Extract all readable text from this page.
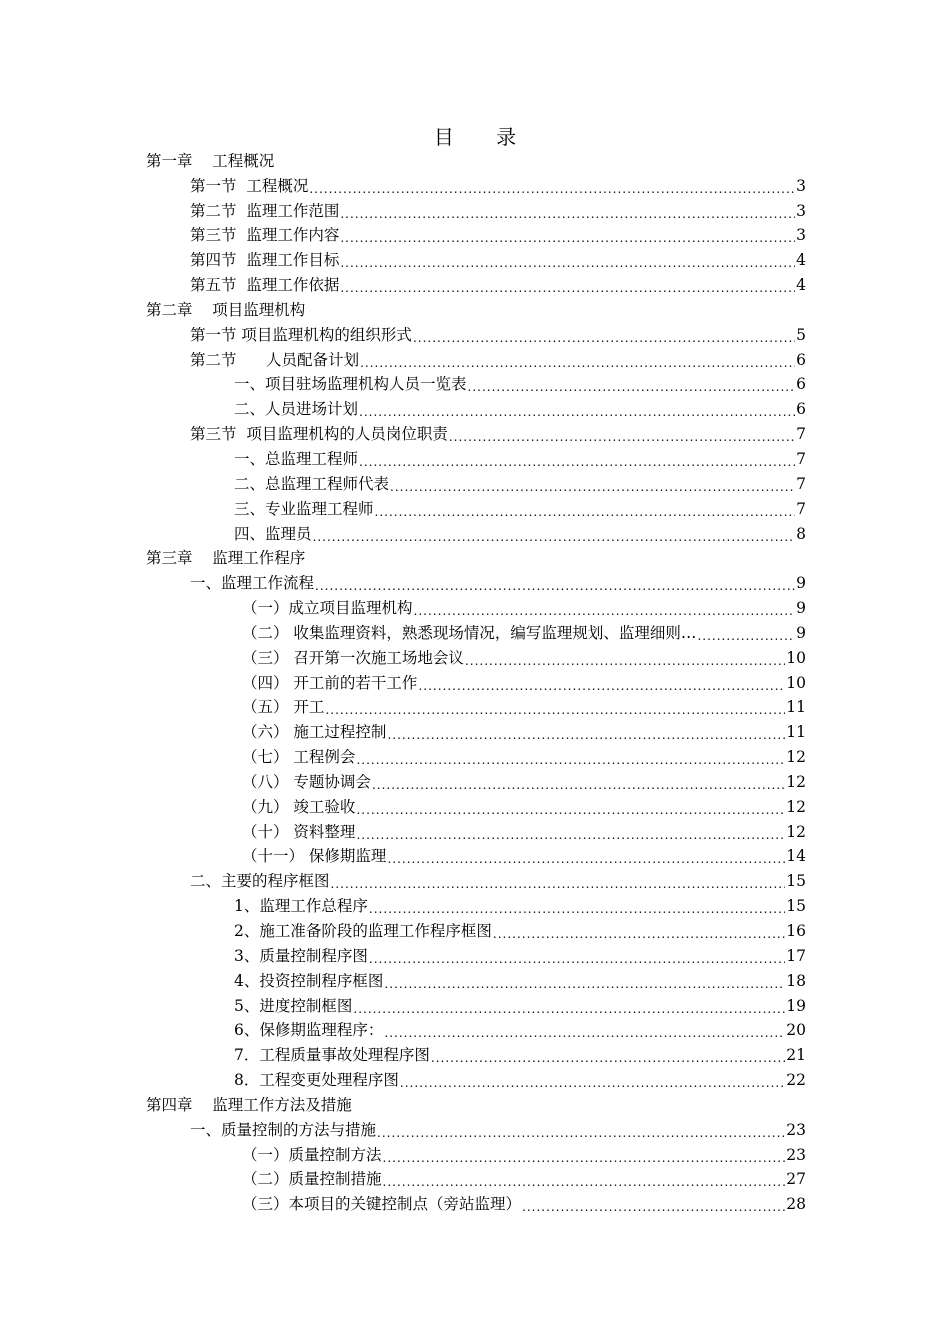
目 录
第一章    工程概况
第一节  工程概况 .....	3
第二节  监理工作范围 .....	3
第三节  监理工作内容 .....	3
第四节  监理工作目标 .....	4
第五节  监理工作依据 .....	4
第二章    项目监理机构
第一节 项目监理机构的组织形式 .....	5
第二节      人员配备计划 .....	6
一、项目驻场监理机构人员一览表 .....	6
二、人员进场计划 .....	6
第三节  项目监理机构的人员岗位职责 .....	7
一、总监理工程师 .....	7
二、总监理工程师代表 .....	7
三、专业监理工程师 .....	7
四、监理员 .....	8
第三章    监理工作程序
一、监理工作流程 .....	9
（一）成立项目监理机构 .....	9
（二） 收集监理资料，熟悉现场情况，编写监理规划、监理细则… .....	9
（三） 召开第一次施工场地会议 .....	10
（四） 开工前的若干工作 .....	10
（五） 开工 .....	11
（六） 施工过程控制 .....	11
（七） 工程例会 .....	12
（八） 专题协调会 .....	12
（九） 竣工验收 .....	12
（十） 资料整理 .....	12
（十一） 保修期监理 .....	14
二、主要的程序框图 .....	15
1、监理工作总程序 .....	15
2、施工准备阶段的监理工作程序框图 .....	16
3、质量控制程序图 .....	17
4、投资控制程序框图 .....	18
5、进度控制框图 .....	19
6、保修期监理程序： .....	20
7．工程质量事故处理程序图 .....	21
8．工程变更处理程序图 .....	22
第四章    监理工作方法及措施
一、质量控制的方法与措施 .....	23
（一）质量控制方法 .....	23
（二）质量控制措施 .....	27
（三）本项目的关键控制点（旁站监理） .....	28
